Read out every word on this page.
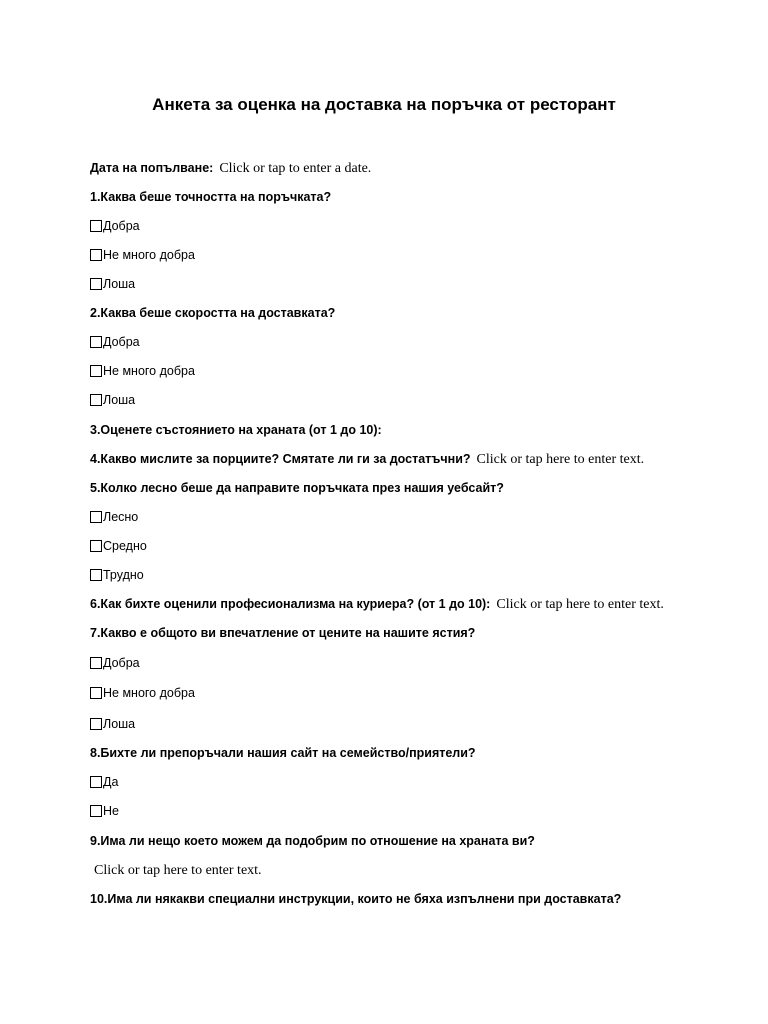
Анкета за оценка на доставка на поръчка от ресторант
Дата на попълване: Click or tap to enter a date.
1.Каква беше точността на поръчката?
Добра
Не много добра
Лоша
2.Каква беше скоростта на доставката?
Добра
Не много добра
Лоша
3.Оценете състоянието на храната (от 1 до 10):
4.Какво мислите за порциите? Смятате ли ги за достатъчни? Click or tap here to enter text.
5.Колко лесно беше да направите поръчката през нашия уебсайт?
Лесно
Средно
Трудно
6.Как бихте оценили професионализма на куриера? (от 1 до 10): Click or tap here to enter text.
7.Какво е общото ви впечатление от цените на нашите ястия?
Добра
Не много добра
Лоша
8.Бихте ли препоръчали нашия сайт на семейство/приятели?
Да
Не
9.Има ли нещо което можем да подобрим по отношение на храната ви?
Click or tap here to enter text.
10.Има ли някакви специални инструкции, които не бяха изпълнени при доставката?
